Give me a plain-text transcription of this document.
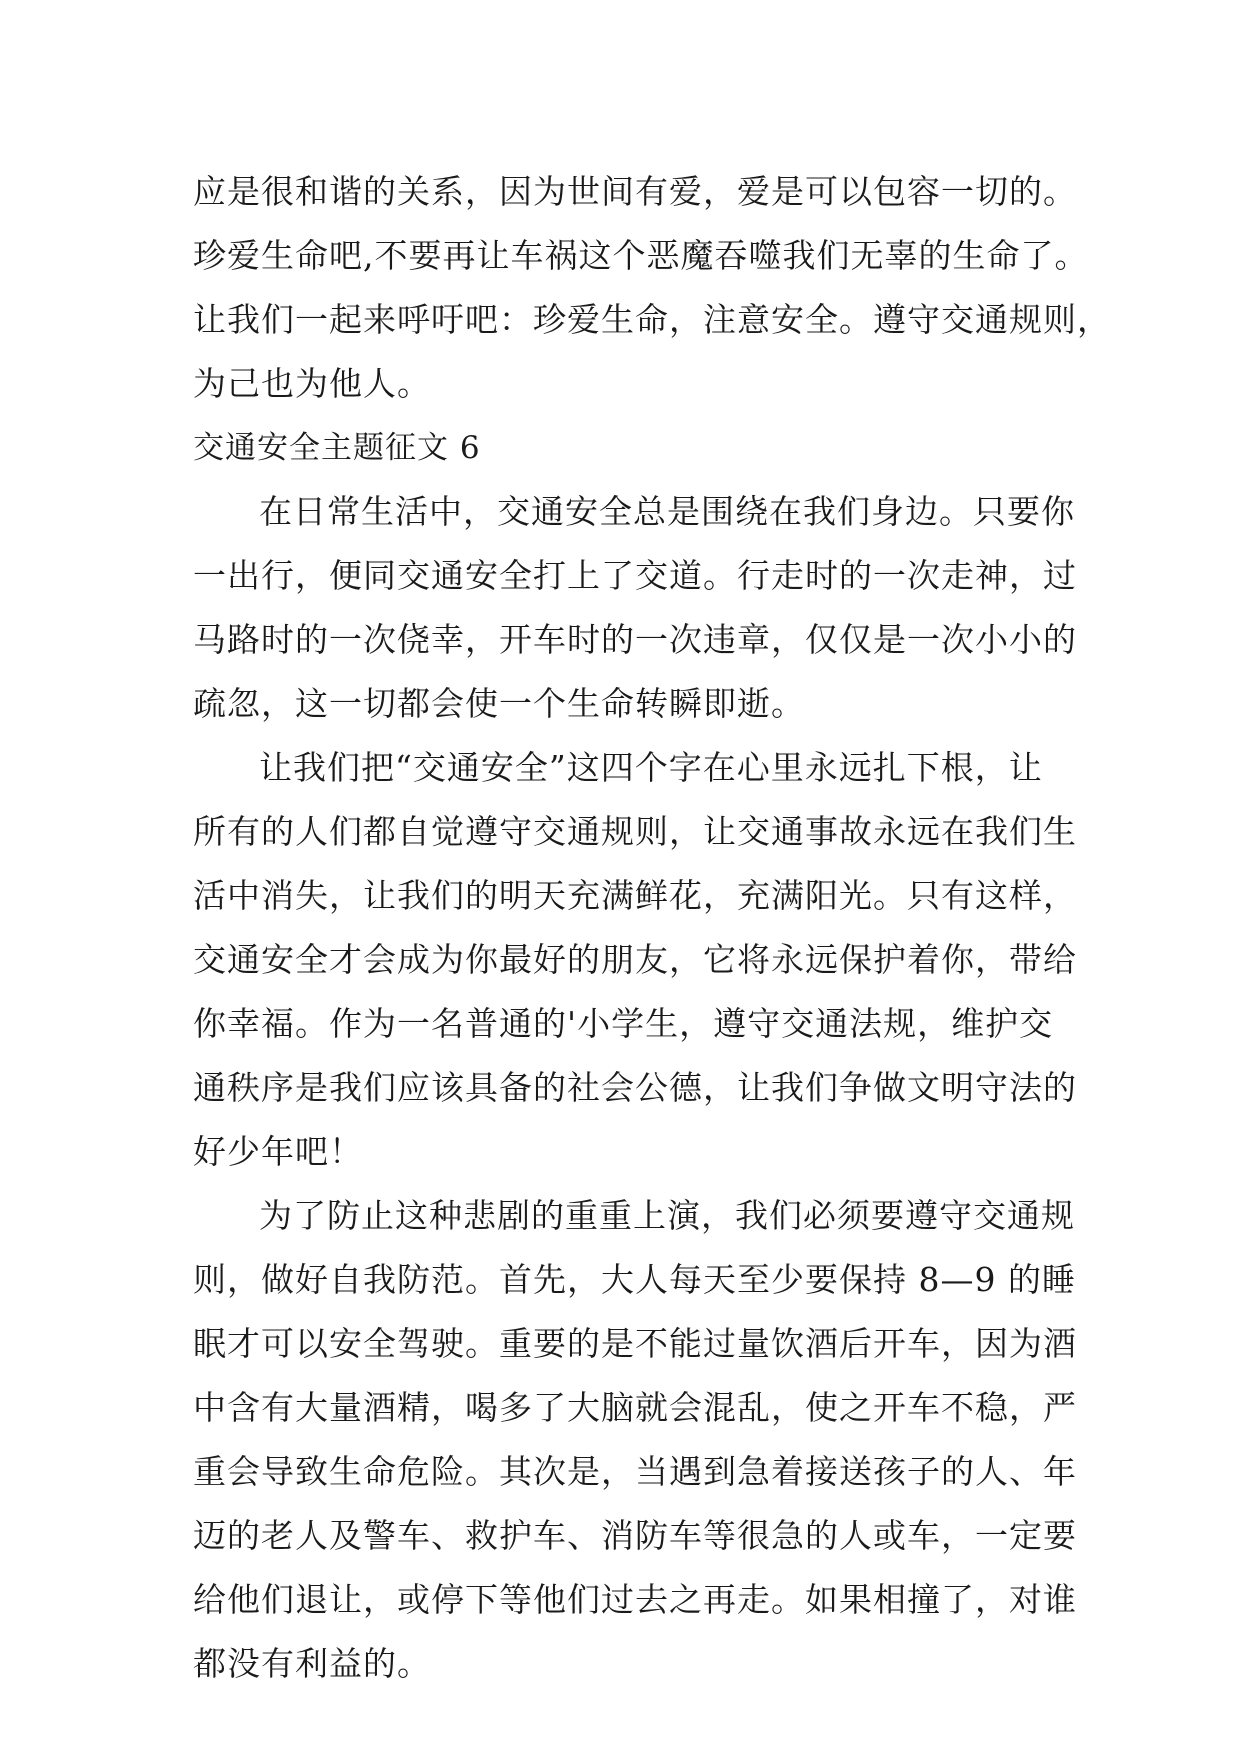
应是很和谐的关系，因为世间有爱，爱是可以包容一切的。
珍爱生命吧,不要再让车祸这个恶魔吞噬我们无辜的生命了。
让我们一起来呼吁吧：珍爱生命，注意安全。遵守交通规则，
为己也为他人。
交通安全主题征文 6
在日常生活中，交通安全总是围绕在我们身边。只要你
一出行，便同交通安全打上了交道。行走时的一次走神，过
马路时的一次侥幸，开车时的一次违章，仅仅是一次小小的
疏忽，这一切都会使一个生命转瞬即逝。
让我们把“交通安全”这四个字在心里永远扎下根，让
所有的人们都自觉遵守交通规则，让交通事故永远在我们生
活中消失，让我们的明天充满鲜花，充满阳光。只有这样，
交通安全才会成为你最好的朋友，它将永远保护着你，带给
你幸福。作为一名普通的'小学生，遵守交通法规，维护交
通秩序是我们应该具备的社会公德，让我们争做文明守法的
好少年吧！
为了防止这种悲剧的重重上演，我们必须要遵守交通规
则，做好自我防范。首先，大人每天至少要保持 8—9 的睡
眠才可以安全驾驶。重要的是不能过量饮酒后开车，因为酒
中含有大量酒精，喝多了大脑就会混乱，使之开车不稳，严
重会导致生命危险。其次是，当遇到急着接送孩子的人、年
迈的老人及警车、救护车、消防车等很急的人或车，一定要
给他们退让，或停下等他们过去之再走。如果相撞了，对谁
都没有利益的。
